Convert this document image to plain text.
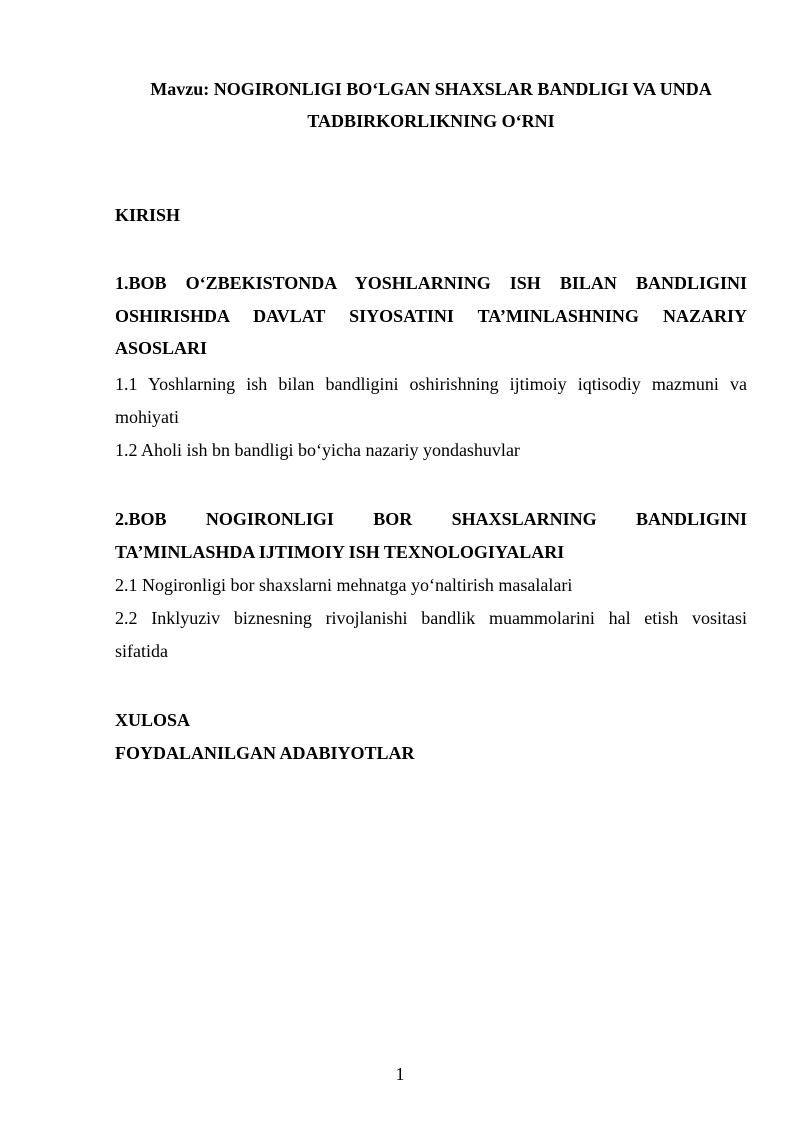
Mavzu: NOGIRONLIGI BO‘LGAN SHAXSLAR BANDLIGI VA UNDA
TADBIRKORLIKNING O‘RNI
KIRISH
1.BOB O‘ZBEKISTONDA YOSHLARNING ISH BILAN BANDLIGINI
OSHIRISHDA DAVLAT SIYOSATINI TA’MINLASHNING NAZARIY
ASOSLARI
1.1 Yoshlarning ish bilan bandligini oshirishning ijtimoiy iqtisodiy mazmuni va
mohiyati
1.2 Aholi ish bn bandligi bo‘yicha nazariy yondashuvlar
2.BOB NOGIRONLIGI BOR SHAXSLARNING BANDLIGINI
TA’MINLASHDA IJTIMOIY ISH TEXNOLOGIYALARI
2.1 Nogironligi bor shaxslarni mehnatga yo‘naltirish masalalari
2.2 Inklyuziv biznesning rivojlanishi bandlik muammolarini hal etish vositasi
sifatida
XULOSA
FOYDALANILGAN ADABIYOTLAR
1
